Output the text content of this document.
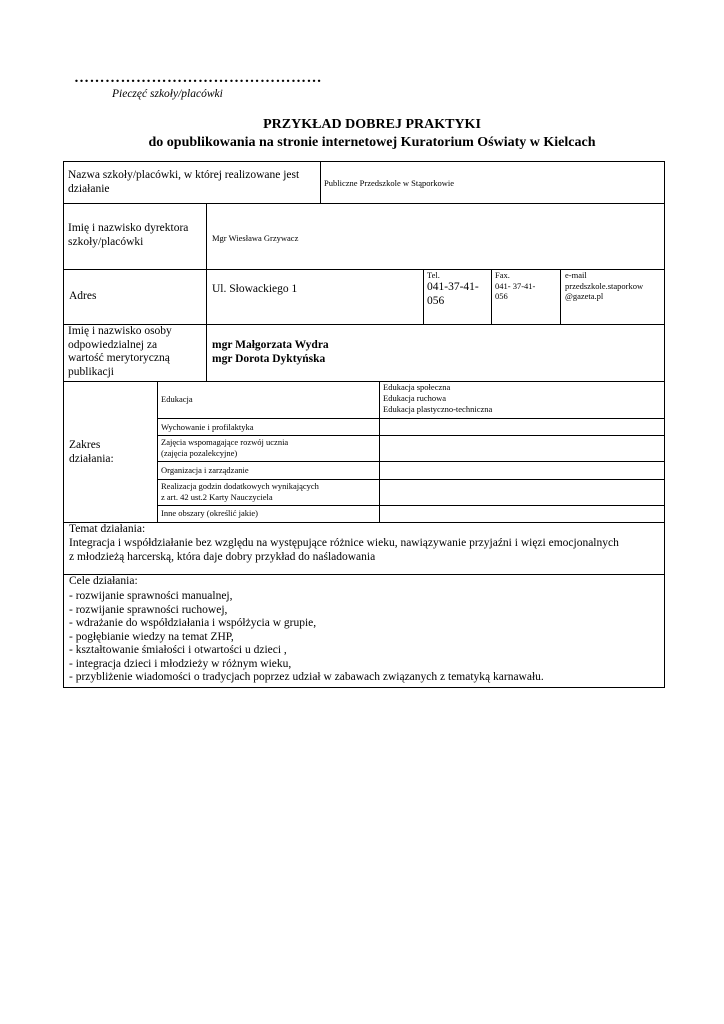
…………………………………………
Pieczęć szkoły/placówki
PRZYKŁAD DOBREJ PRAKTYKI
do opublikowania na stronie internetowej Kuratorium Oświaty w Kielcach
Nazwa szkoły/placówki, w której realizowane jest
działanie	Publiczne Przedszkole w Stąporkowie
Imię i nazwisko dyrektora
szkoły/placówki	Mgr Wiesława Grzywacz
Adres
Ul. Słowackiego 1
Tel.
041-37-41-
056
Fax.
041- 37-41-
056
e-mail
przedszkole.staporkow
@gazeta.pl
Imię i nazwisko osoby
odpowiedzialnej za
wartość merytoryczną
publikacji
mgr Małgorzata Wydra
mgr Dorota Dyktyńska
Zakres
działania:
Edukacja
Edukacja społeczna
Edukacja ruchowa
Edukacja plastyczno-techniczna
Wychowanie i profilaktyka
Zajęcia wspomagające rozwój ucznia
(zajęcia pozalekcyjne)
Organizacja i zarządzanie
Realizacja godzin dodatkowych wynikających
z art. 42 ust.2 Karty Nauczyciela
Inne obszary (określić jakie)
Temat działania:
Integracja i współdziałanie bez względu na występujące różnice wieku, nawiązywanie przyjaźni i więzi emocjonalnych
z młodzieżą harcerską, która daje dobry przykład do naśladowania
Cele działania:
- rozwijanie sprawności manualnej,
- rozwijanie sprawności ruchowej,
- wdrażanie do współdziałania i współżycia w grupie,
- pogłębianie wiedzy na temat ZHP,
- kształtowanie śmiałości i otwartości u dzieci ,
- integracja dzieci i młodzieży w różnym wieku,
- przybliżenie wiadomości o tradycjach poprzez udział w zabawach związanych z tematyką karnawału.
